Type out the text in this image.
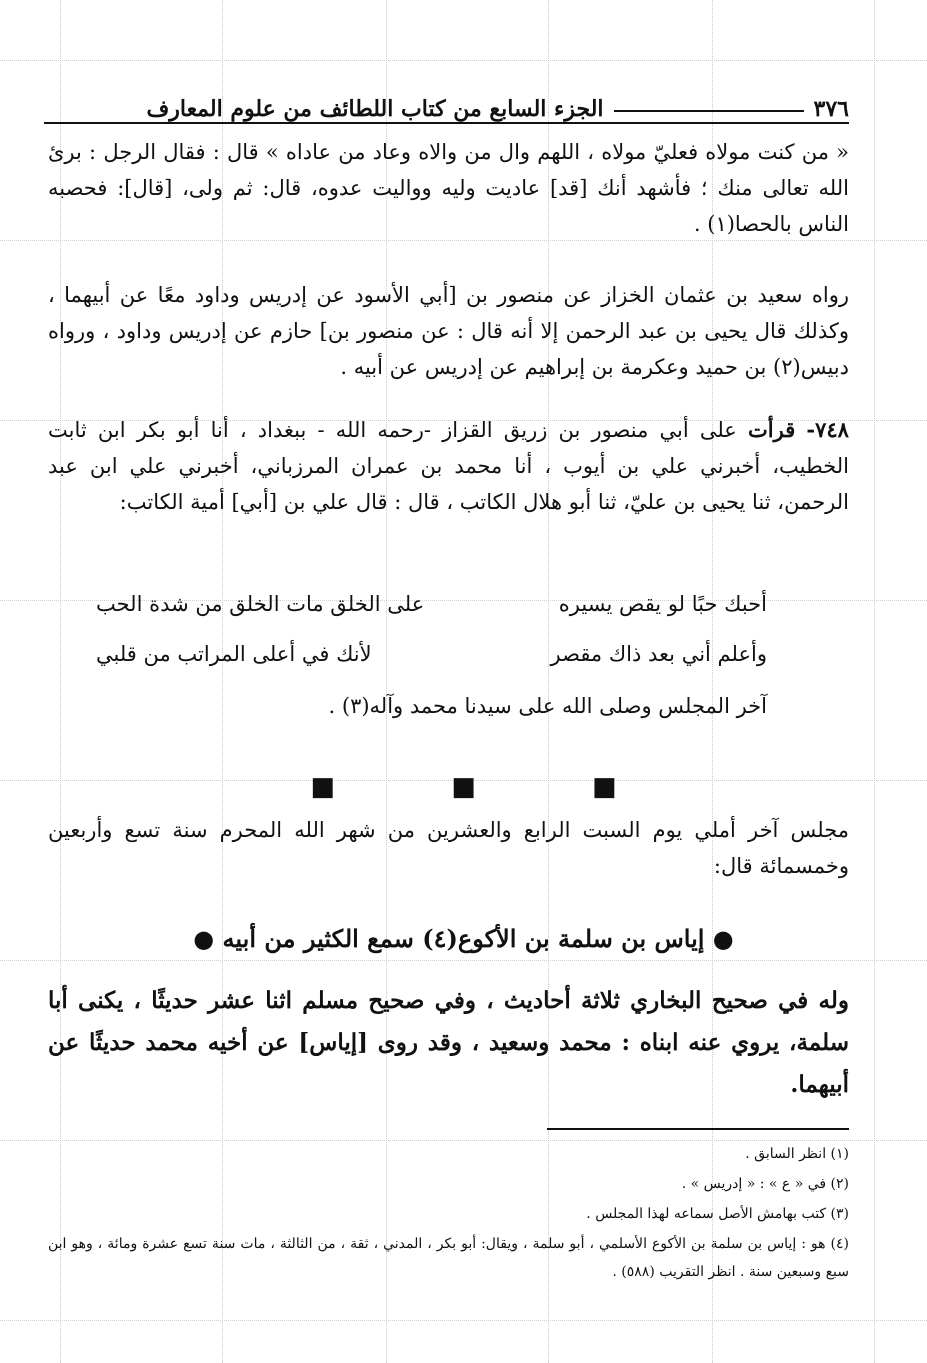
٣٧٦
الجزء السابع من كتاب اللطائف من علوم المعارف
« من كنت مولاه فعليّ مولاه ، اللهم وال من والاه وعاد من عاداه » قال : فقال الرجل : برئ الله تعالى منك ؛ فأشهد أنك [قد] عاديت وليه وواليت عدوه، قال: ثم ولى، [قال]: فحصبه الناس بالحصا(١) .
رواه سعيد بن عثمان الخزاز عن منصور بن [أبي الأسود عن إدريس وداود معًا عن أبيهما ، وكذلك قال يحيى بن عبد الرحمن إلا أنه قال : عن منصور بن] حازم عن إدريس وداود ، ورواه دبيس(٢) بن حميد وعكرمة بن إبراهيم عن إدريس عن أبيه .
٧٤٨- قرأت على أبي منصور بن زريق القزاز -رحمه الله - ببغداد ، أنا أبو بكر ابن ثابت الخطيب، أخبرني علي بن أيوب ، أنا محمد بن عمران المرزباني، أخبرني علي ابن عبد الرحمن، ثنا يحيى بن عليّ، ثنا أبو هلال الكاتب ، قال : قال علي بن [أبي] أمية الكاتب:
أحبك حبًا لو يقص يسيره
على الخلق مات الخلق من شدة الحب
وأعلم أني بعد ذاك مقصر
لأنك في أعلى المراتب من قلبي
آخر المجلس وصلى الله على سيدنا محمد وآله(٣) .
■ ■ ■
مجلس آخر أملي يوم السبت الرابع والعشرين من شهر الله المحرم سنة تسع وأربعين وخمسمائة قال:
● إياس بن سلمة بن الأكوع(٤) سمع الكثير من أبيه ●
وله في صحيح البخاري ثلاثة أحاديث ، وفي صحيح مسلم اثنا عشر حديثًا ، يكنى أبا سلمة، يروي عنه ابناه : محمد وسعيد ، وقد روى [إياس] عن أخيه محمد حديثًا عن أبيهما.
(١) انظر السابق .
(٢) في « ع » : « إدريس » .
(٣) كتب بهامش الأصل سماعه لهذا المجلس .
(٤) هو : إياس بن سلمة بن الأكوع الأسلمي ، أبو سلمة ، ويقال: أبو بكر ، المدني ، ثقة ، من الثالثة ، مات سنة تسع عشرة ومائة ، وهو ابن سبع وسبعين سنة . انظر التقريب (٥٨٨) .
